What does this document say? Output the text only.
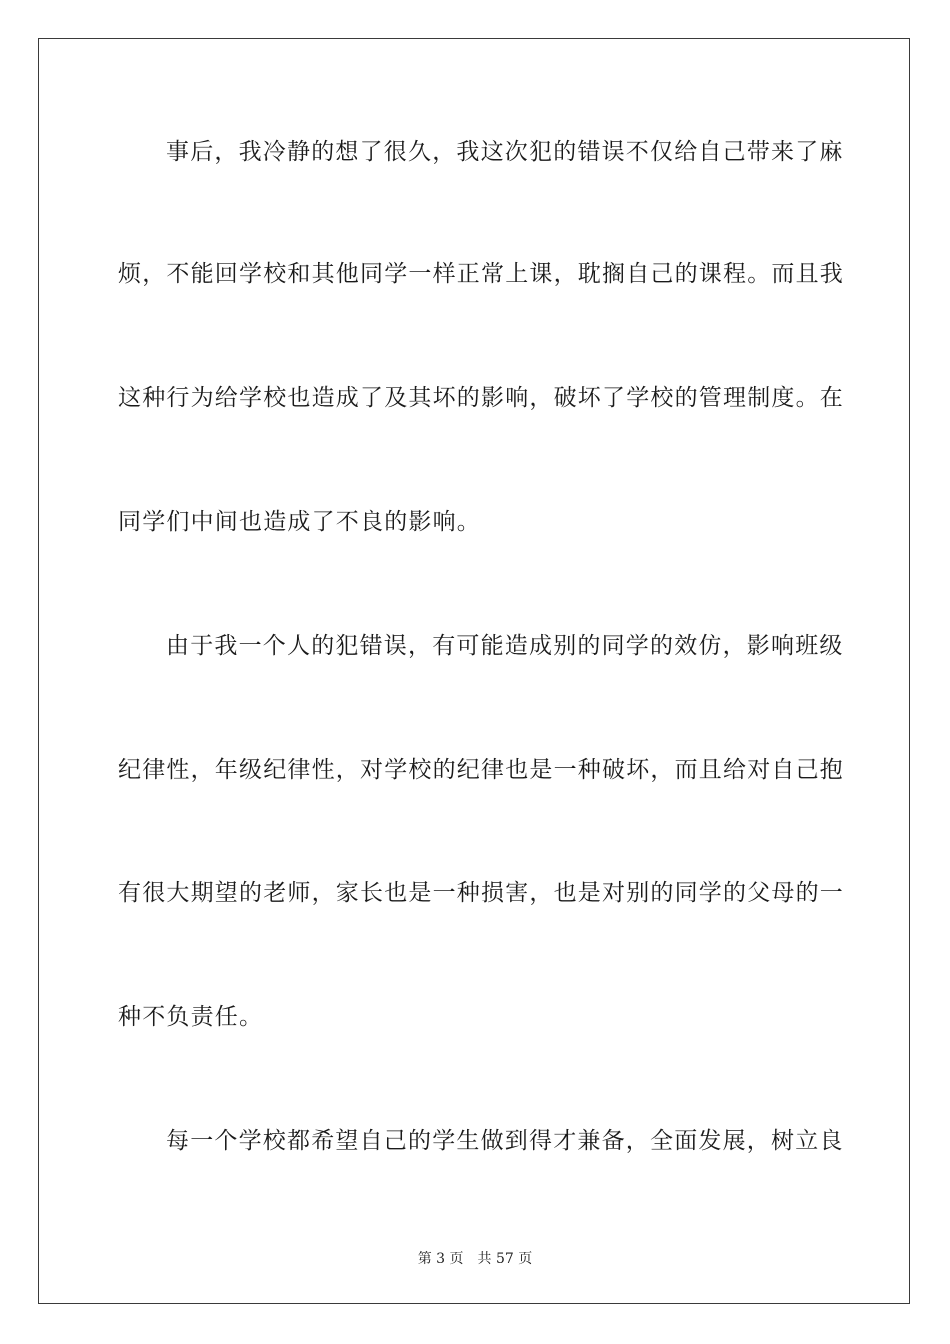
事后，我冷静的想了很久，我这次犯的错误不仅给自己带来了麻
烦，不能回学校和其他同学一样正常上课，耽搁自己的课程。而且我
这种行为给学校也造成了及其坏的影响，破坏了学校的管理制度。在
同学们中间也造成了不良的影响。
由于我一个人的犯错误，有可能造成别的同学的效仿，影响班级
纪律性，年级纪律性，对学校的纪律也是一种破坏，而且给对自己抱
有很大期望的老师，家长也是一种损害，也是对别的同学的父母的一
种不负责任。
每一个学校都希望自己的学生做到得才兼备，全面发展，树立良
第 3 页 共 57 页
